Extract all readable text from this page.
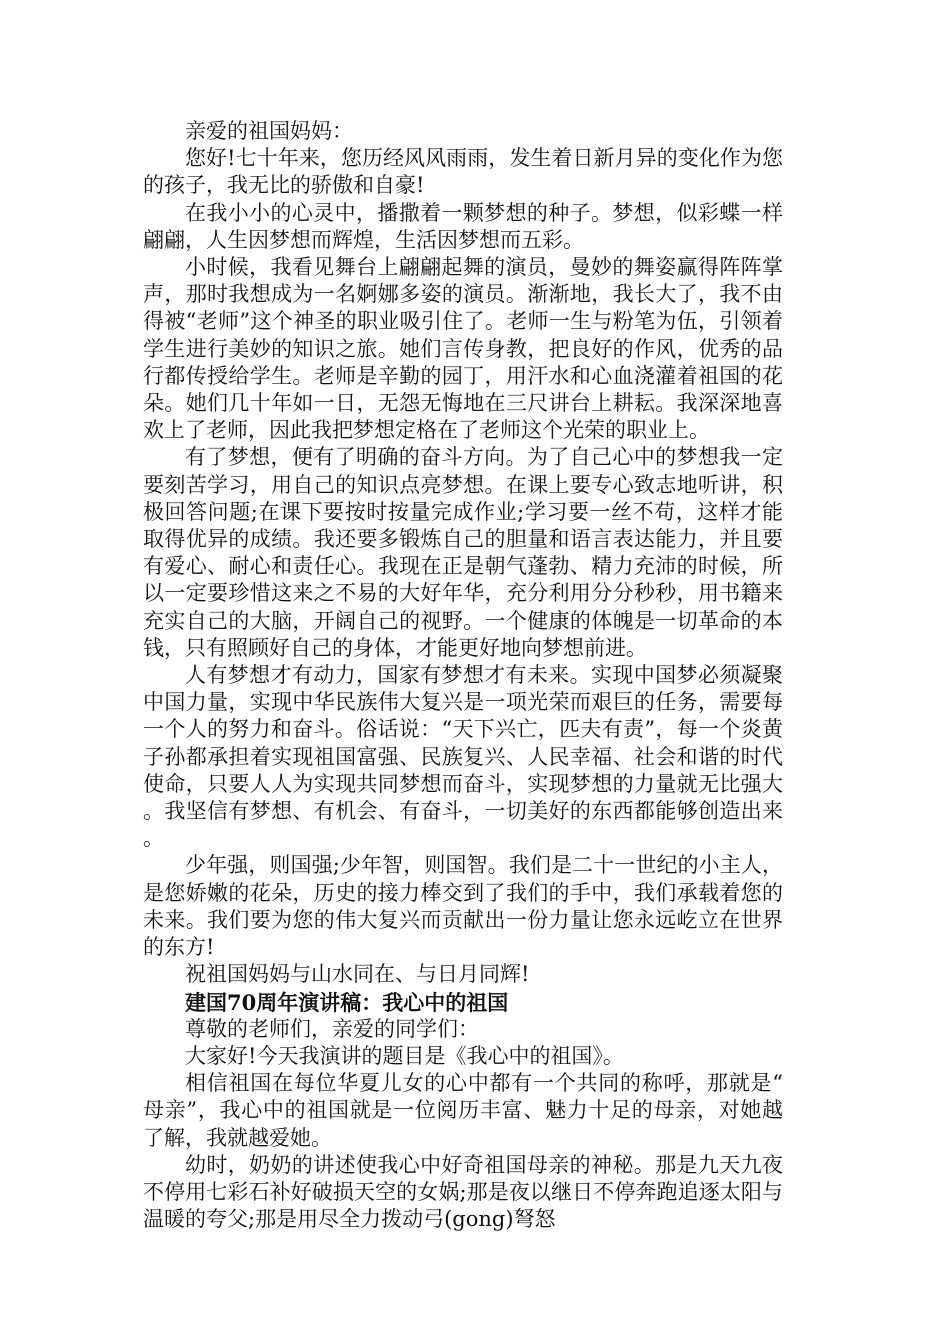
亲爱的祖国妈妈：

您好!七十年来，您历经风风雨雨，发生着日新月异的变化作为您的孩子，我无比的骄傲和自豪!

在我小小的心灵中，播撒着一颗梦想的种子。梦想，似彩蝶一样翩翩，人生因梦想而辉煌，生活因梦想而五彩。

小时候，我看见舞台上翩翩起舞的演员，曼妙的舞姿赢得阵阵掌声，那时我想成为一名婀娜多姿的演员。渐渐地，我长大了，我不由得被“老师”这个神圣的职业吸引住了。老师一生与粉笔为伍，引领着学生进行美妙的知识之旅。她们言传身教，把良好的作风，优秀的品行都传授给学生。老师是辛勤的园丁，用汗水和心血浇灌着祖国的花朵。她们几十年如一日，无怨无悔地在三尺讲台上耕耘。我深深地喜欢上了老师，因此我把梦想定格在了老师这个光荣的职业上。

有了梦想，便有了明确的奋斗方向。为了自己心中的梦想我一定要刻苦学习，用自己的知识点亮梦想。在课上要专心致志地听讲，积极回答问题;在课下要按时按量完成作业;学习要一丝不苟，这样才能取得优异的成绩。我还要多锻炼自己的胆量和语言表达能力，并且要有爱心、耐心和责任心。我现在正是朝气蓬勃、精力充沛的时候，所以一定要珍惜这来之不易的大好年华，充分利用分分秒秒，用书籍来充实自己的大脑，开阔自己的视野。一个健康的体魄是一切革命的本钱，只有照顾好自己的身体，才能更好地向梦想前进。

人有梦想才有动力，国家有梦想才有未来。实现中国梦必须凝聚中国力量，实现中华民族伟大复兴是一项光荣而艰巨的任务，需要每一个人的努力和奋斗。俗话说：“天下兴亡，匹夫有责”，每一个炎黄子孙都承担着实现祖国富强、民族复兴、人民幸福、社会和谐的时代使命，只要人人为实现共同梦想而奋斗，实现梦想的力量就无比强大。我坚信有梦想、有机会、有奋斗，一切美好的东西都能够创造出来。

少年强，则国强;少年智，则国智。我们是二十一世纪的小主人，是您娇嫩的花朵，历史的接力棒交到了我们的手中，我们承载着您的未来。我们要为您的伟大复兴而贡献出一份力量让您永远屹立在世界的东方!

祝祖国妈妈与山水同在、与日月同辉!

建国70周年演讲稿：我心中的祖国

尊敬的老师们，亲爱的同学们：

大家好!今天我演讲的题目是《我心中的祖国》。

相信祖国在每位华夏儿女的心中都有一个共同的称呼，那就是“母亲”，我心中的祖国就是一位阅历丰富、魅力十足的母亲，对她越了解，我就越爱她。

幼时，奶奶的讲述使我心中好奇祖国母亲的神秘。那是九天九夜不停用七彩石补好破损天空的女娲;那是夜以继日不停奔跑追逐太阳与温暖的夸父;那是用尽全力拨动弓(gong)弩怒
